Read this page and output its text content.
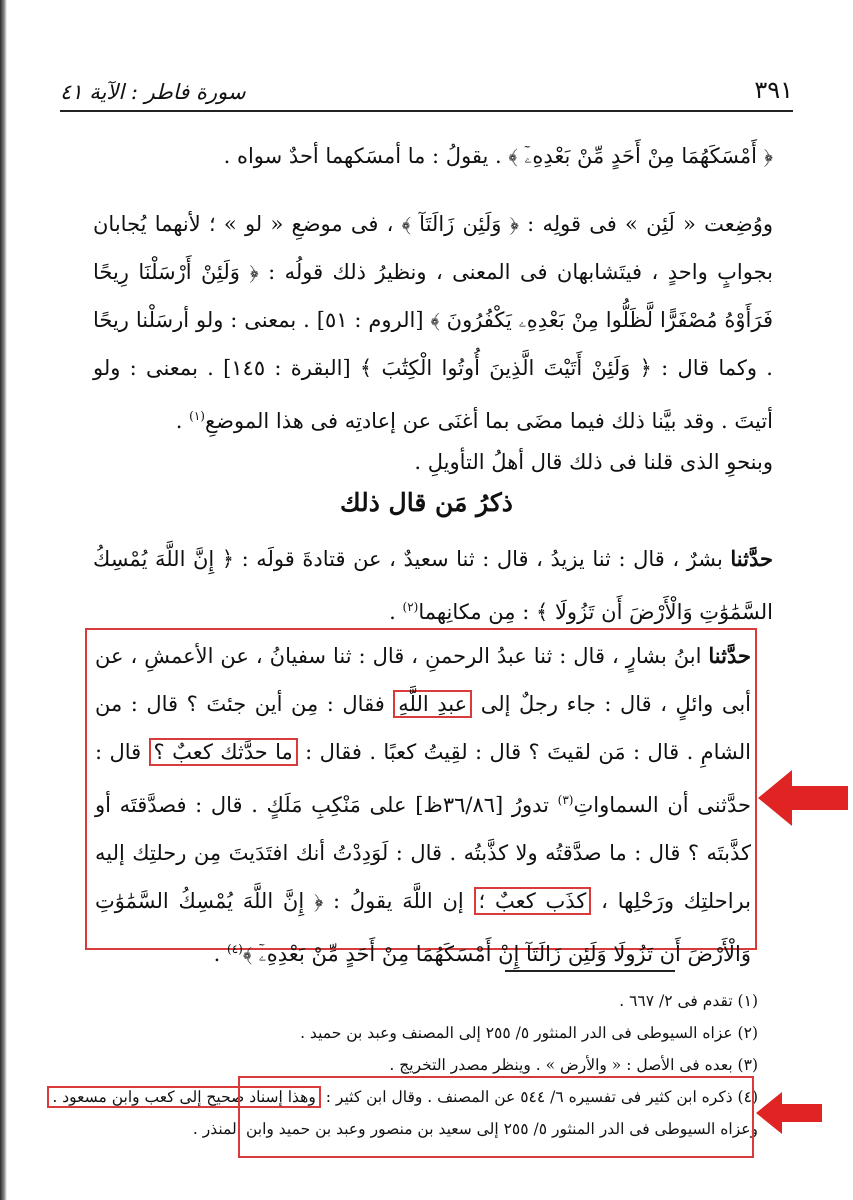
٣٩١
سورة فاطر : الآية ٤١
﴿ أَمْسَكَهُمَا مِنْ أَحَدٍ مِّنْ بَعْدِهِۦٓ ﴾ . يقولُ : ما أمسَكهما أحدٌ سواه .
ووُضِعت « لَئِن » فى قولِه : ﴿ وَلَئِن زَالَتَآ ﴾ ، فى موضعِ « لو » ؛ لأنهما يُجابان بجوابٍ واحدٍ ، فيتَشابهان فى المعنى ، ونظيرُ ذلك قولُه : ﴿ وَلَئِنْ أَرْسَلْنَا رِيحًا فَرَأَوْهُ مُصْفَرًّا لَّظَلُّوا مِنْ بَعْدِهِۦ يَكْفُرُونَ ﴾ [الروم : ٥١] . بمعنى : ولو أرسَلْنا ريحًا . وكما قال : ﴿ وَلَئِنْ أَتَيْتَ الَّذِينَ أُوتُوا الْكِتَٰبَ ﴾ [البقرة : ١٤٥] . بمعنى : ولو أتيتَ . وقد بيَّنا ذلك فيما مضَى بما أغنَى عن إعادتِه فى هذا الموضعِ$^{(١)}$ .
وبنحوِ الذى قلنا فى ذلك قال أهلُ التأويلِ .
ذكرُ مَن قال ذلك
حدَّثنا بشرٌ ، قال : ثنا يزيدُ ، قال : ثنا سعيدٌ ، عن قتادةَ قولَه : ﴿ إِنَّ اللَّهَ يُمْسِكُ السَّمَٰوَٰتِ وَالْأَرْضَ أَن تَزُولَا ﴾ : مِن مكانِهما$^{(٢)}$ .
حدَّثنا ابنُ بشارٍ ، قال : ثنا عبدُ الرحمنِ ، قال : ثنا سفيانُ ، عن الأعمشِ ، عن أبى وائلٍ ، قال : جاء رجلٌ إلى عبدِ اللَّهِ فقال : مِن أين جئتَ ؟ قال : من الشامِ . قال : مَن لقيتَ ؟ قال : لقِيتُ كعبًا . فقال : ما حدَّثك كعبٌ ؟ قال : حدَّثنى أن السماواتِ$^{(٣)}$ تدورُ [٣٦/٨٦ظ] على مَنْكِبِ مَلَكٍ . قال : فصدَّقتَه أو كذَّبتَه ؟ قال : ما صدَّقتُه ولا كذَّبتُه . قال : لَوَدِدْتُ أنك افتَدَيتَ مِن رحلتِك إليه براحلتِك ورَحْلِها ، كذَب كعبٌ ؛ إن اللَّهَ يقولُ : ﴿ إِنَّ اللَّهَ يُمْسِكُ السَّمَٰوَٰتِ وَالْأَرْضَ أَن تَزُولَا وَلَئِن زَالَتَآ إِنْ أَمْسَكَهُمَا مِنْ أَحَدٍ مِّنْ بَعْدِهِۦٓ ﴾$^{(٤)}$ .
(١) تقدم فى ٢/ ٦٦٧ .
(٢) عزاه السيوطى فى الدر المنثور ٥/ ٢٥٥ إلى المصنف وعبد بن حميد .
(٣) بعده فى الأصل : « والأرض » . وينظر مصدر التخريج .
(٤) ذكره ابن كثير فى تفسيره ٦/ ٥٤٤ عن المصنف . وقال ابن كثير : وهذا إسناد صحيح إلى كعب وابن مسعود .
وعزاه السيوطى فى الدر المنثور ٥/ ٢٥٥ إلى سعيد بن منصور وعبد بن حميد وابن المنذر .
